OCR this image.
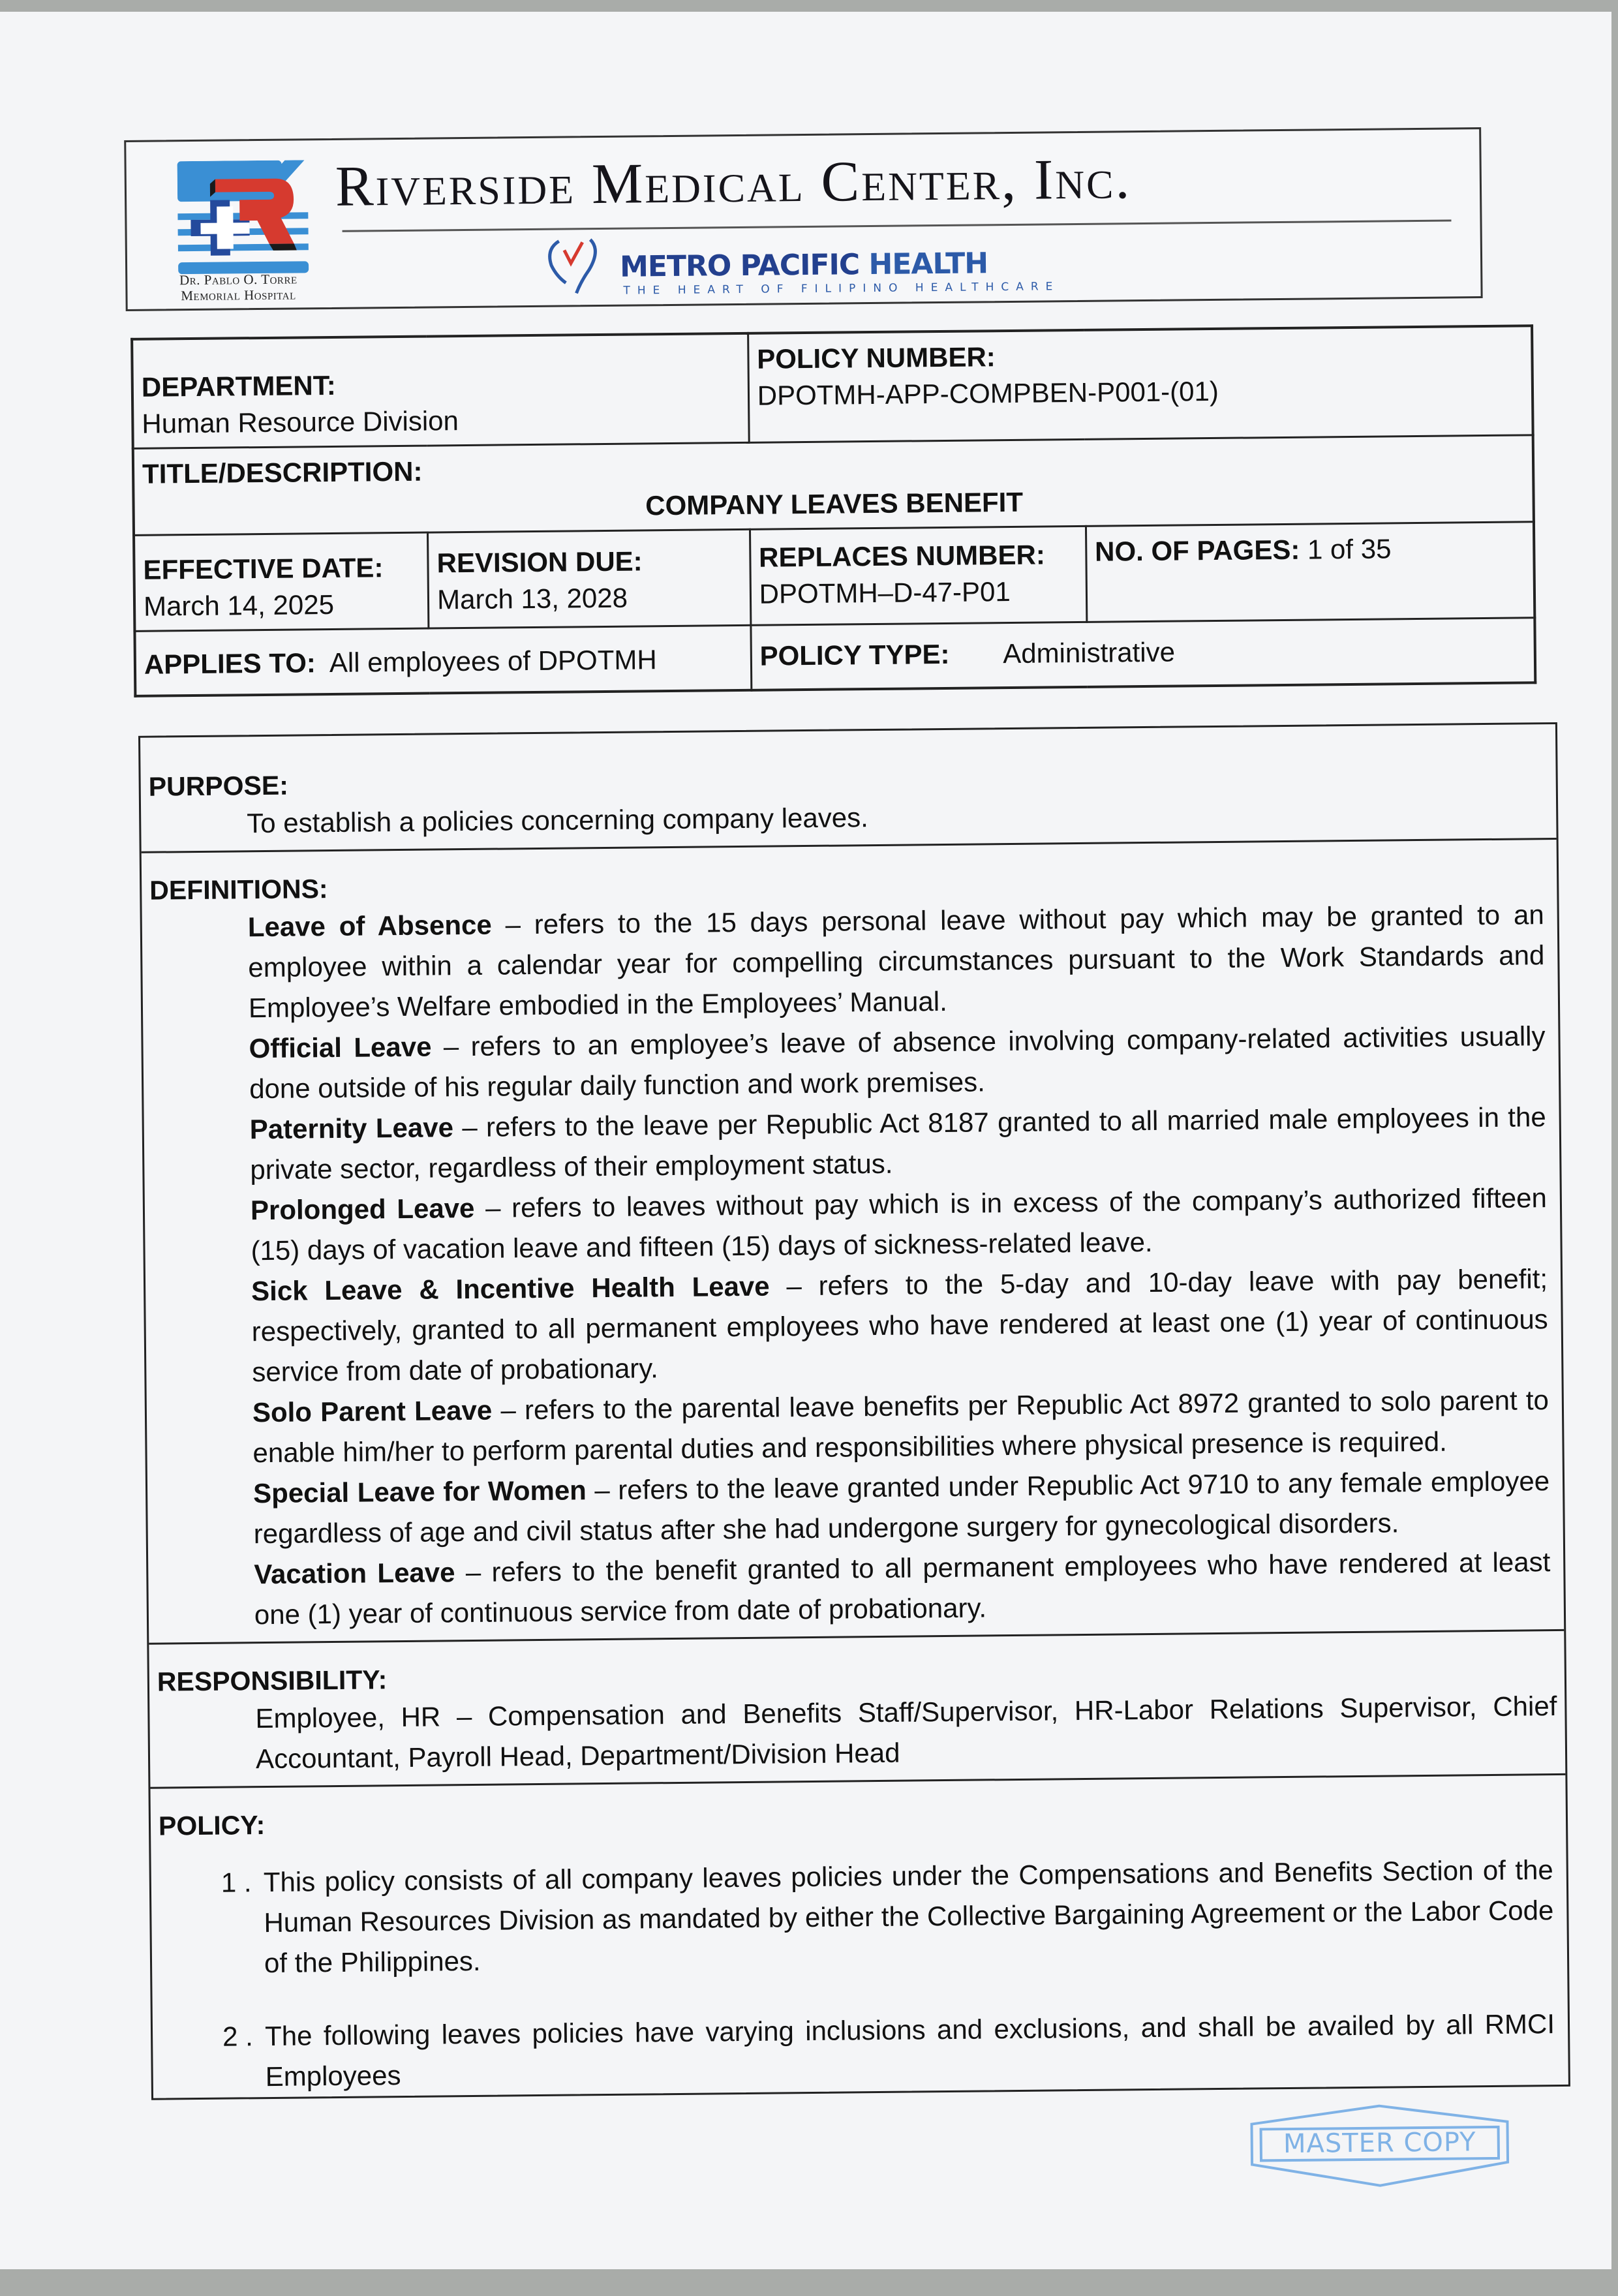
Dr. Pablo O. Torre
Memorial Hospital
Riverside Medical Center, Inc.
METRO PACIFIC HEALTH
THE HEART OF FILIPINO HEALTHCARE
DEPARTMENT:
Human Resource Division

POLICY NUMBER:
DPOTMH-APP-COMPBEN-P001-(01)

TITLE/DESCRIPTION:
COMPANY LEAVES BENEFIT			

EFFECTIVE DATE:
March 14, 2025

REVISION DUE:
March 13, 2028

REPLACES NUMBER:
DPOTMH–D-47-P01
	NO. OF PAGES: 1 of 35
APPLIES TO: All employees of DPOTMH		POLICY TYPE: Administrative	
PURPOSE:
To establish a policies concerning company leaves.
DEFINITIONS:
Leave of Absence – refers to the 15 days personal leave without pay which may be granted to an employee within a calendar year for compelling circumstances pursuant to the Work Standards and Employee’s Welfare embodied in the Employees’ Manual.
Official Leave – refers to an employee’s leave of absence involving company-related activities usually done outside of his regular daily function and work premises.
Paternity Leave – refers to the leave per Republic Act 8187 granted to all married male employees in the private sector, regardless of their employment status.
Prolonged Leave – refers to leaves without pay which is in excess of the company’s authorized fifteen (15) days of vacation leave and fifteen (15) days of sickness-related leave.
Sick Leave & Incentive Health Leave – refers to the 5-day and 10-day leave with pay benefit; respectively, granted to all permanent employees who have rendered at least one (1) year of continuous service from date of probationary.
Solo Parent Leave – refers to the parental leave benefits per Republic Act 8972 granted to solo parent to enable him/her to perform parental duties and responsibilities where physical presence is required.
Special Leave for Women – refers to the leave granted under Republic Act 9710 to any female employee regardless of age and civil status after she had undergone surgery for gynecological disorders.
Vacation Leave – refers to the benefit granted to all permanent employees who have rendered at least one (1) year of continuous service from date of probationary.
RESPONSIBILITY:
Employee, HR – Compensation and Benefits Staff/Supervisor, HR-Labor Relations Supervisor, Chief Accountant, Payroll Head, Department/Division Head
POLICY:
1 . This policy consists of all company leaves policies under the Compensations and Benefits Section of the Human Resources Division as mandated by either the Collective Bargaining Agreement or the Labor Code of the Philippines.
2 . The following leaves policies have varying inclusions and exclusions, and shall be availed by all RMCI Employees
MASTER COPY
